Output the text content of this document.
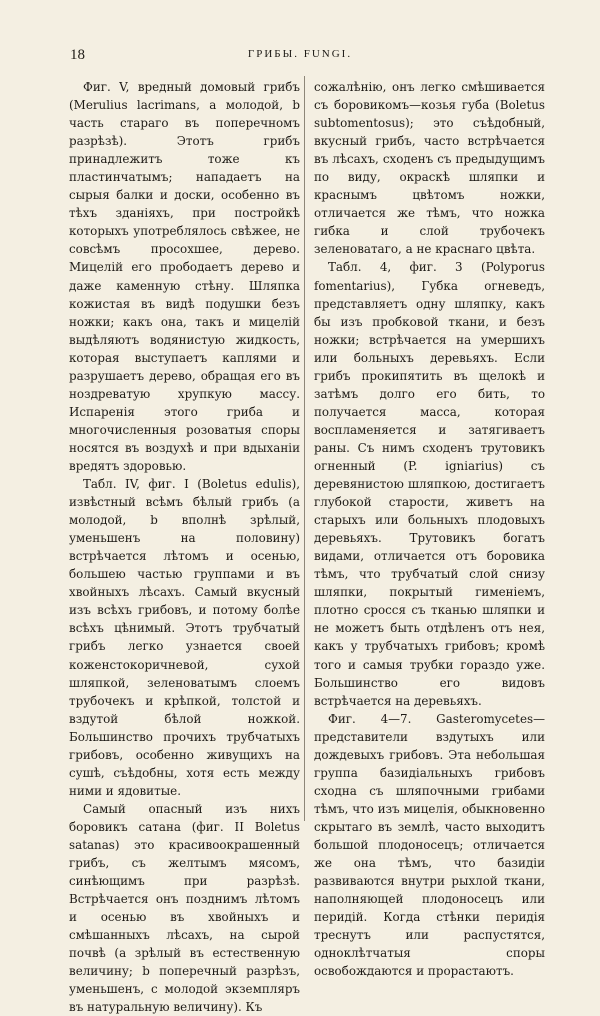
18	ГРИБЫ. FUNGI.

Фиг. V, вредный домовый грибъ (Merulius lacrimans, a молодой, b часть стараго въ поперечномъ разрѣзѣ). Этотъ грибъ принадлежитъ тоже къ пластинчатымъ; нападаетъ на сырыя балки и доски, особенно въ тѣхъ зданіяхъ, при постройкѣ которыхъ употреблялось свѣжее, не совсѣмъ просохшее, дерево. Мицелій его прободаетъ дерево и даже каменную стѣну. Шляпка кожистая въ видѣ подушки безъ ножки; какъ она, такъ и мицелій выдѣляютъ водянистую жидкость, которая выступаетъ каплями и разрушаетъ дерево, обращая его въ ноздреватую хрупкую массу. Испаренія этого гриба и многочисленныя розоватыя споры носятся въ воздухѣ и при вдыханіи вредятъ здоровью.

Табл. IV, фиг. I (Boletus edulis), извѣстный всѣмъ бѣлый грибъ (a молодой, b вполнѣ зрѣлый, уменьшенъ на половину) встрѣчается лѣтомъ и осенью, большею частью группами и въ хвойныхъ лѣсахъ. Самый вкусный изъ всѣхъ грибовъ, и потому болѣе всѣхъ цѣнимый. Этотъ трубчатый грибъ легко узнается своей коженстокоричневой, сухой шляпкой, зеленоватымъ слоемъ трубочекъ и крѣпкой, толстой и вздутой бѣлой ножкой. Большинство прочихъ трубчатыхъ грибовъ, особенно живущихъ на сушѣ, съѣдобны, хотя есть между ними и ядовитые.

Самый опасный изъ нихъ боровикъ сатана (фиг. II Boletus satanas) это красивоокрашенный грибъ, съ желтымъ мясомъ, синѣющимъ при разрѣзѣ. Встрѣчается онъ позднимъ лѣтомъ и осенью въ хвойныхъ и смѣшанныхъ лѣсахъ, на сырой почвѣ (a зрѣлый въ естественную величину; b поперечный разрѣзъ, уменьшенъ, с молодой экземпляръ въ натуральную величину). Къ

сожалѣнію, онъ легко смѣшивается съ боровикомъ—козья губа (Boletus subtomentosus); это съѣдобный, вкусный грибъ, часто встрѣчается въ лѣсахъ, сходенъ съ предыдущимъ по виду, окраскѣ шляпки и краснымъ цвѣтомъ ножки, отличается же тѣмъ, что ножка гибка и слой трубочекъ зеленоватаго, а не краснаго цвѣта.

Табл. 4, фиг. 3 (Polyporus fomentarius), Губка огневедъ, представляетъ одну шляпку, какъ бы изъ пробковой ткани, и безъ ножки; встрѣчается на умершихъ или больныхъ деревьяхъ. Если грибъ прокипятить въ щелокѣ и затѣмъ долго его бить, то получается масса, которая воспламеняется и затягиваетъ раны. Съ нимъ сходенъ трутовикъ огненный (P. igniarius) съ деревянистою шляпкою, достигаетъ глубокой старости, живетъ на старыхъ или больныхъ плодовыхъ деревьяхъ. Трутовикъ богатъ видами, отличается отъ боровика тѣмъ, что трубчатый слой снизу шляпки, покрытый гименіемъ, плотно сросся съ тканью шляпки и не можетъ быть отдѣленъ отъ нея, какъ у трубчатыхъ грибовъ; кромѣ того и самыя трубки гораздо уже. Большинство его видовъ встрѣчается на деревьяхъ.

Фиг. 4—7. Gasteromycetes—представители вздутыхъ или дождевыхъ грибовъ. Эта небольшая группа базидіальныхъ грибовъ сходна съ шляпочными грибами тѣмъ, что изъ мицелія, обыкновенно скрытаго въ землѣ, часто выходитъ большой плодоносецъ; отличается же она тѣмъ, что базидіи развиваются внутри рыхлой ткани, наполняющей плодоносецъ или перидій. Когда стѣнки перидія треснутъ или распустятся, одноклѣтчатыя споры освобождаются и прорастаютъ.
